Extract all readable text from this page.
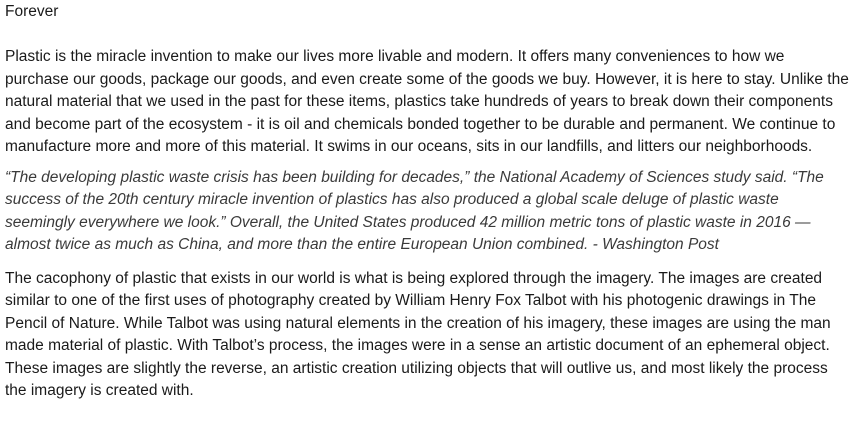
Forever

Plastic is the miracle invention to make our lives more livable and modern. It offers many conveniences to how we purchase our goods, package our goods, and even create some of the goods we buy. However, it is here to stay. Unlike the natural material that we used in the past for these items, plastics take hundreds of years to break down their components and become part of the ecosystem - it is oil and chemicals bonded together to be durable and permanent. We continue to manufacture more and more of this material. It swims in our oceans, sits in our landfills, and litters our neighborhoods.

“The developing plastic waste crisis has been building for decades,” the National Academy of Sciences study said. “The success of the 20th century miracle invention of plastics has also produced a global scale deluge of plastic waste seemingly everywhere we look.” Overall, the United States produced 42 million metric tons of plastic waste in 2016 — almost twice as much as China, and more than the entire European Union combined. - Washington Post

The cacophony of plastic that exists in our world is what is being explored through the imagery. The images are created similar to one of the first uses of photography created by William Henry Fox Talbot with his photogenic drawings in The Pencil of Nature. While Talbot was using natural elements in the creation of his imagery, these images are using the man made material of plastic. With Talbot’s process, the images were in a sense an artistic document of an ephemeral object. These images are slightly the reverse, an artistic creation utilizing objects that will outlive us, and most likely the process the imagery is created with.
